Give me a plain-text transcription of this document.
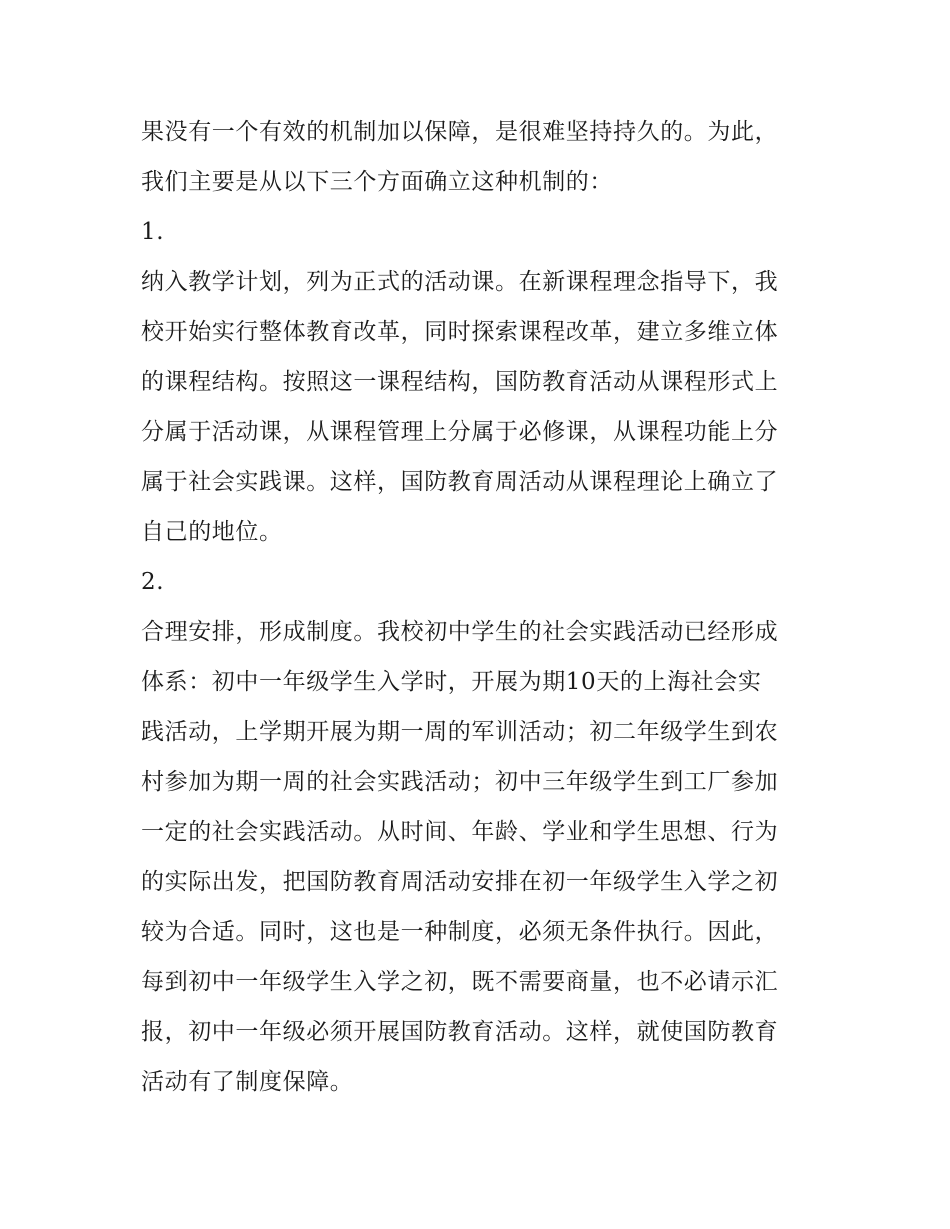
果没有一个有效的机制加以保障，是很难坚持持久的。为此，
我们主要是从以下三个方面确立这种机制的：
1.
纳入教学计划，列为正式的活动课。在新课程理念指导下，我
校开始实行整体教育改革，同时探索课程改革，建立多维立体
的课程结构。按照这一课程结构，国防教育活动从课程形式上
分属于活动课，从课程管理上分属于必修课，从课程功能上分
属于社会实践课。这样，国防教育周活动从课程理论上确立了
自己的地位。
2.
合理安排，形成制度。我校初中学生的社会实践活动已经形成
体系：初中一年级学生入学时，开展为期10天的上海社会实
践活动，上学期开展为期一周的军训活动；初二年级学生到农
村参加为期一周的社会实践活动；初中三年级学生到工厂参加
一定的社会实践活动。从时间、年龄、学业和学生思想、行为
的实际出发，把国防教育周活动安排在初一年级学生入学之初
较为合适。同时，这也是一种制度，必须无条件执行。因此，
每到初中一年级学生入学之初，既不需要商量，也不必请示汇
报，初中一年级必须开展国防教育活动。这样，就使国防教育
活动有了制度保障。
